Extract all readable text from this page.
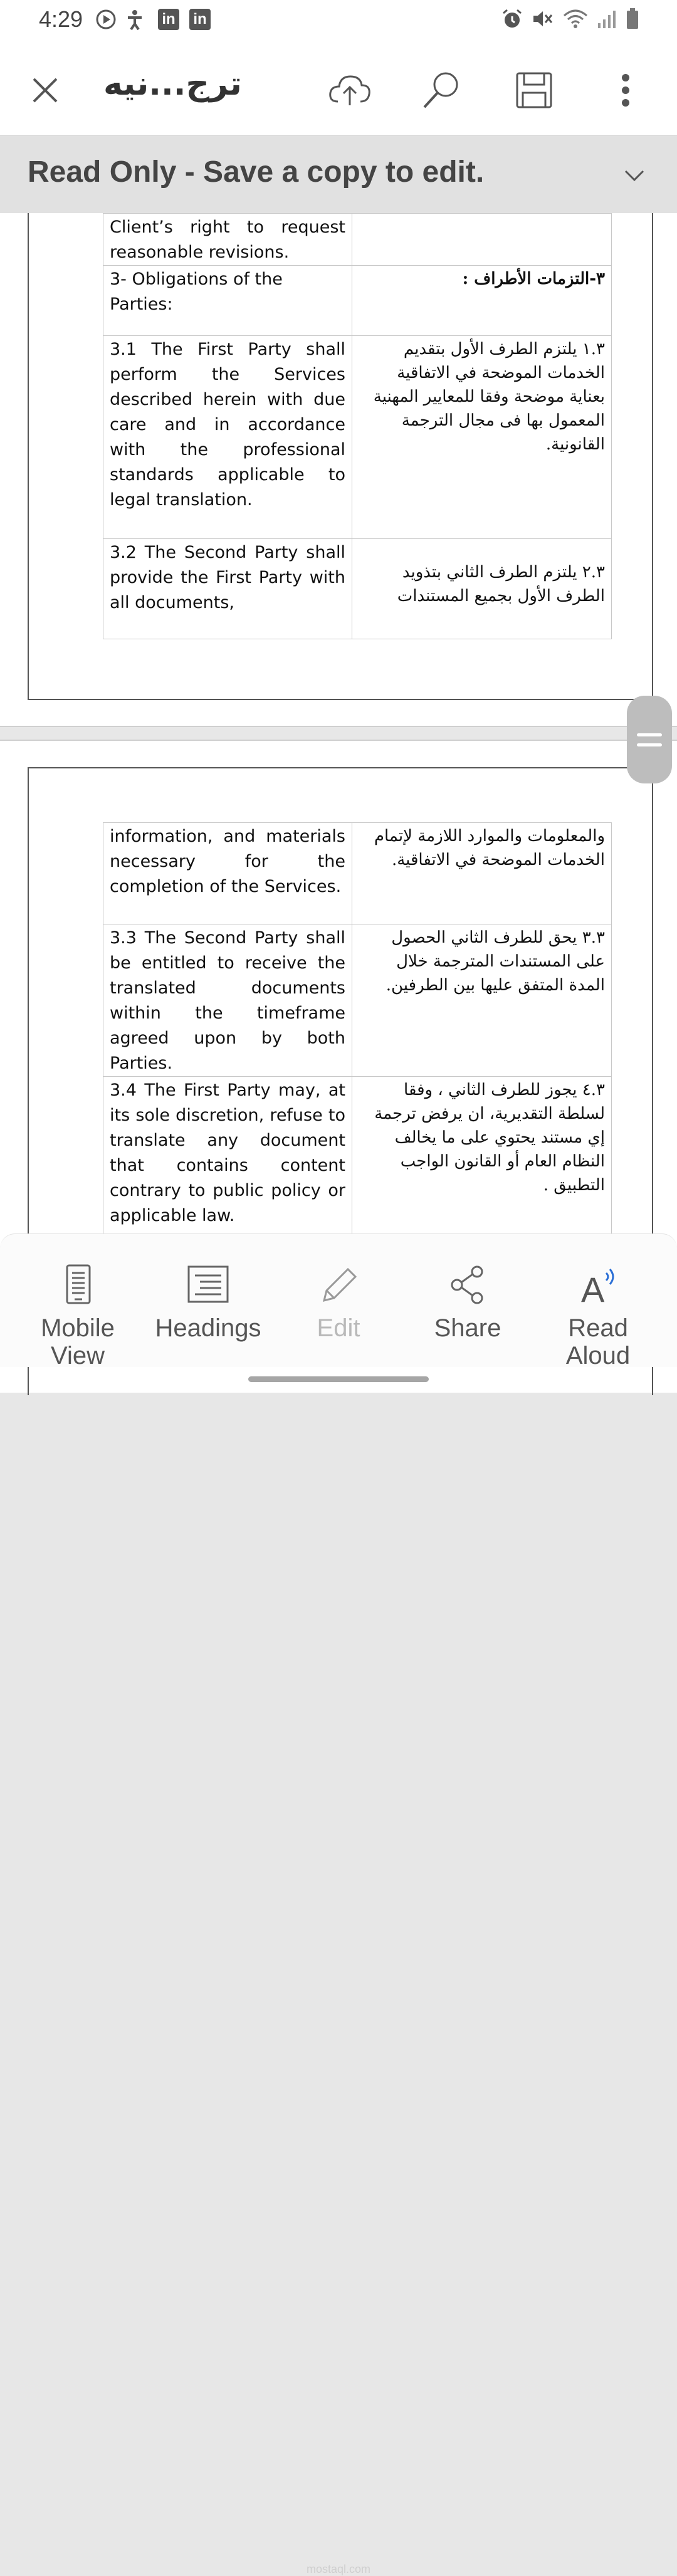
4:29	in in
ترج...نيه
Read Only - Save a copy to edit.
Client’s right to request reasonable revisions.	
3- Obligations of the Parties:	٣-التزمات الأطراف :
3.1 The First Party shall perform the Services described herein with due care and in accordance with the professional standards applicable to legal translation.	١.٣ يلتزم الطرف الأول بتقديم الخدمات الموضحة في الاتفاقية بعناية موضحة وفقا للمعايير المهنية المعمول بها فى مجال الترجمة القانونية.
3.2 The Second Party shall provide the First Party with all documents,	٢.٣ يلتزم الطرف الثاني بتذويد الطرف الأول بجميع المستندات
information, and materials necessary for the completion of the Services.	والمعلومات والموارد اللازمة لإتمام الخدمات الموضحة في الاتفاقية.
3.3 The Second Party shall be entitled to receive the translated documents within the timeframe agreed upon by both Parties.	٣.٣ يحق للطرف الثاني الحصول على المستندات المترجمة خلال المدة المتفق عليها بين الطرفين.
3.4 The First Party may, at its sole discretion, refuse to translate any document that contains content contrary to public policy or applicable law.	٤.٣ يجوز للطرف الثاني ، وفقا لسلطة التقديرية، ان يرفض ترجمة إي مستند يحتوي على ما يخالف النظام العام أو القانون الواجب التطبيق .
Mobile View
Headings	Edit	Share
A
Read Aloud
mostaql.com
